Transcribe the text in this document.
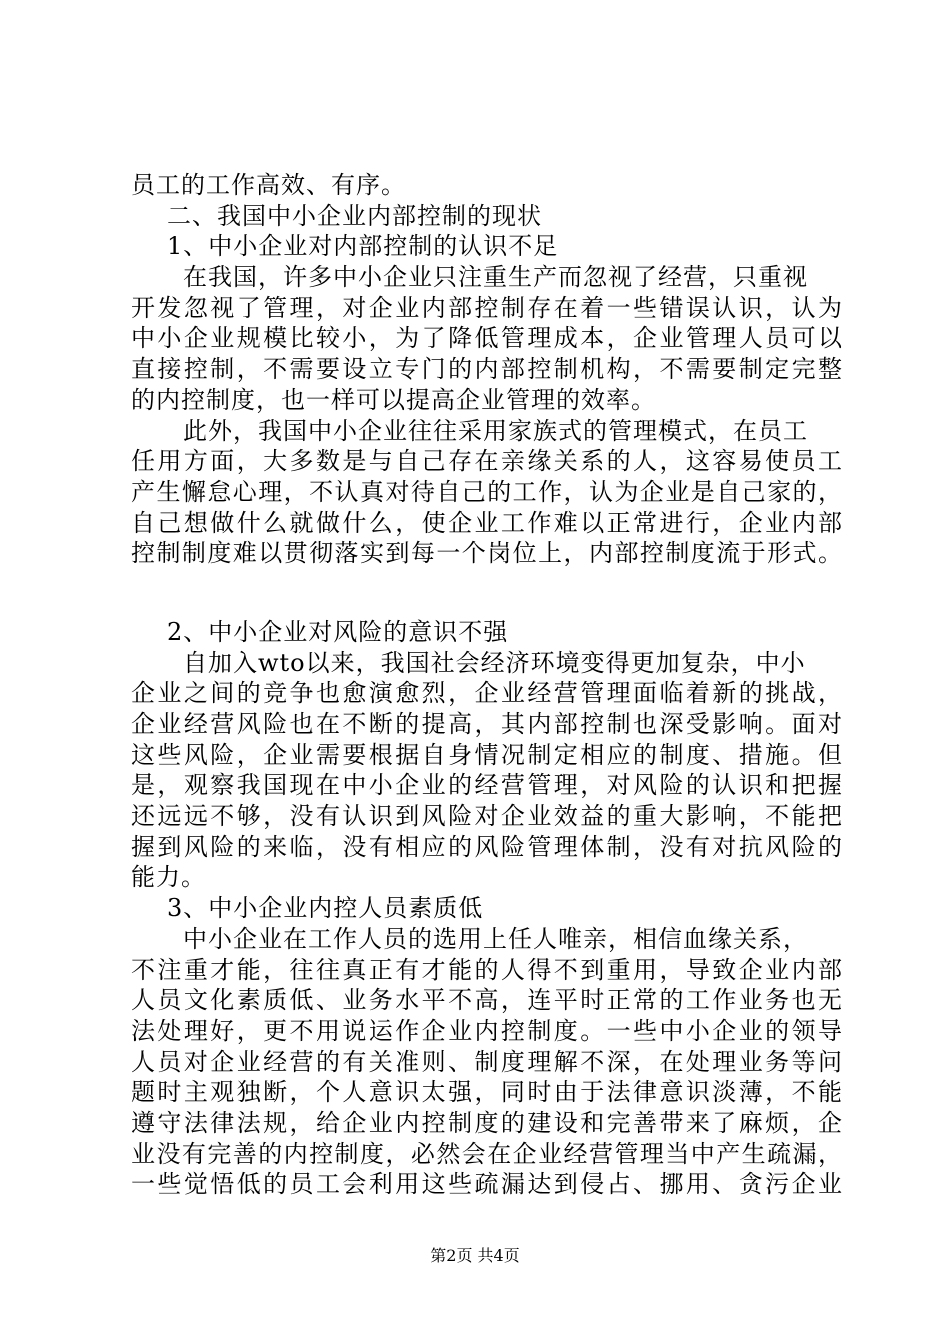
员工的工作高效、有序。
二、我国中小企业内部控制的现状
1、中小企业对内部控制的认识不足
在我国，许多中小企业只注重生产而忽视了经营，只重视
开发忽视了管理，对企业内部控制存在着一些错误认识，认为
中小企业规模比较小，为了降低管理成本，企业管理人员可以
直接控制，不需要设立专门的内部控制机构，不需要制定完整
的内控制度，也一样可以提高企业管理的效率。
此外，我国中小企业往往采用家族式的管理模式，在员工
任用方面，大多数是与自己存在亲缘关系的人，这容易使员工
产生懈怠心理，不认真对待自己的工作，认为企业是自己家的，
自己想做什么就做什么，使企业工作难以正常进行，企业内部
控制制度难以贯彻落实到每一个岗位上，内部控制度流于形式。
2、中小企业对风险的意识不强
自加入wto以来，我国社会经济环境变得更加复杂，中小
企业之间的竞争也愈演愈烈，企业经营管理面临着新的挑战，
企业经营风险也在不断的提高，其内部控制也深受影响。面对
这些风险，企业需要根据自身情况制定相应的制度、措施。但
是，观察我国现在中小企业的经营管理，对风险的认识和把握
还远远不够，没有认识到风险对企业效益的重大影响，不能把
握到风险的来临，没有相应的风险管理体制，没有对抗风险的
能力。
3、中小企业内控人员素质低
中小企业在工作人员的选用上任人唯亲，相信血缘关系，
不注重才能，往往真正有才能的人得不到重用，导致企业内部
人员文化素质低、业务水平不高，连平时正常的工作业务也无
法处理好，更不用说运作企业内控制度。一些中小企业的领导
人员对企业经营的有关准则、制度理解不深，在处理业务等问
题时主观独断，个人意识太强，同时由于法律意识淡薄，不能
遵守法律法规，给企业内控制度的建设和完善带来了麻烦，企
业没有完善的内控制度，必然会在企业经营管理当中产生疏漏，
一些觉悟低的员工会利用这些疏漏达到侵占、挪用、贪污企业
第2页 共4页
